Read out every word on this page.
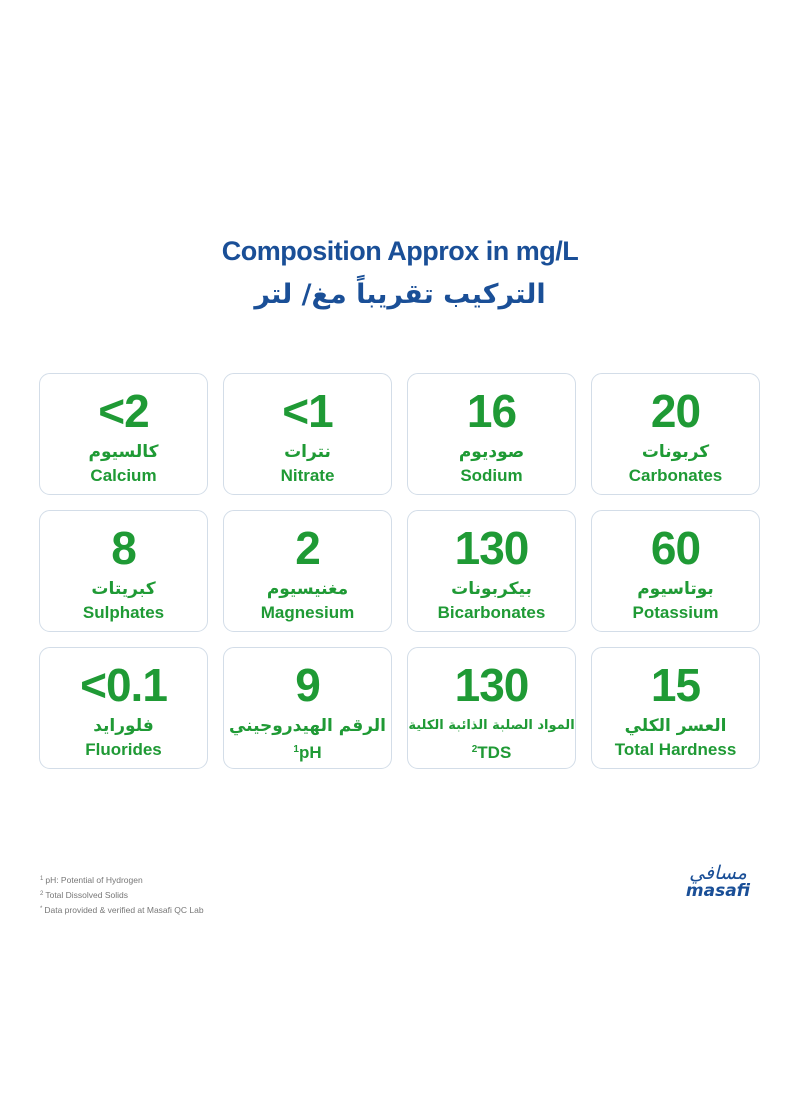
Composition Approx in mg/L
التركيب تقريباً مغ/ لتر
<2
كالسيوم
Calcium
<1
نترات
Nitrate
16
صوديوم
Sodium
20
كربونات
Carbonates
8
كبريتات
Sulphates
2
مغنيسيوم
Magnesium
130
بيكربونات
Bicarbonates
60
بوتاسيوم
Potassium
<0.1
فلورايد
Fluorides
9
الرقم الهيدروجيني
$^1$pH
130
المواد الصلبة الذائبة الكلية
$^2$TDS
15
العسر الكلي
Total Hardness
$^1$ pH: Potential of Hydrogen
$^2$ Total Dissolved Solids
* Data provided & verified at Masafi QC Lab
مسافي
masafi
